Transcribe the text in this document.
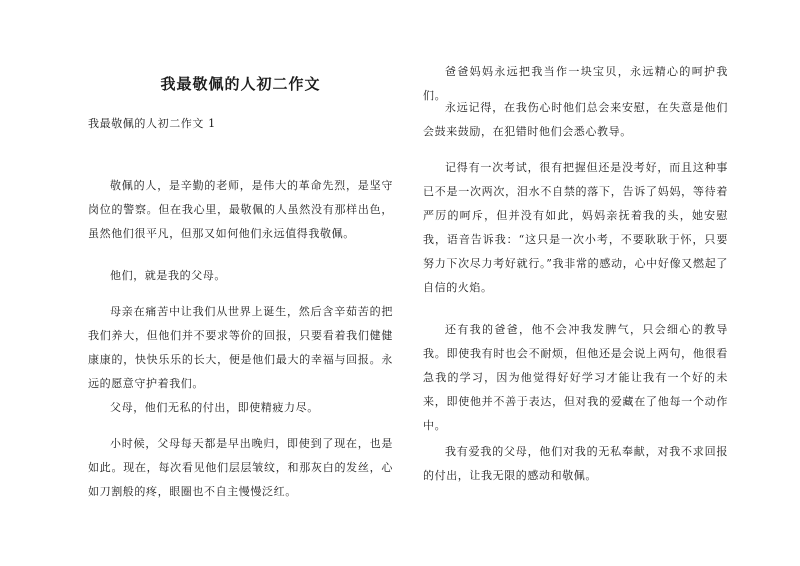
我最敬佩的人初二作文
我最敬佩的人初二作文 1
敬佩的人，是辛勤的老师，是伟大的革命先烈，是坚守岗位的警察。但在我心里，最敬佩的人虽然没有那样出色，虽然他们很平凡，但那又如何他们永远值得我敬佩。
他们，就是我的父母。
母亲在痛苦中让我们从世界上诞生，然后含辛茹苦的把我们养大，但他们并不要求等价的回报，只要看着我们健健康康的，快快乐乐的长大，便是他们最大的幸福与回报。永远的愿意守护着我们。
父母，他们无私的付出，即使精疲力尽。
小时候，父母每天都是早出晚归，即使到了现在，也是如此。现在，每次看见他们层层皱纹，和那灰白的发丝，心如刀割般的疼，眼圈也不自主慢慢泛红。
爸爸妈妈永远把我当作一块宝贝，永远精心的呵护我们。
永远记得，在我伤心时他们总会来安慰，在失意是他们会鼓来鼓励，在犯错时他们会悉心教导。
记得有一次考试，很有把握但还是没考好，而且这种事已不是一次两次，泪水不自禁的落下，告诉了妈妈，等待着严厉的呵斥，但并没有如此，妈妈亲抚着我的头，她安慰我，语音告诉我：“这只是一次小考，不要耿耿于怀，只要努力下次尽力考好就行。”我非常的感动，心中好像又燃起了自信的火焰。
还有我的爸爸，他不会冲我发脾气，只会细心的教导我。即使我有时也会不耐烦，但他还是会说上两句，他很看急我的学习，因为他觉得好好学习才能让我有一个好的未来，即使他并不善于表达，但对我的爱藏在了他每一个动作中。
我有爱我的父母，他们对我的无私奉献，对我不求回报的付出，让我无限的感动和敬佩。
